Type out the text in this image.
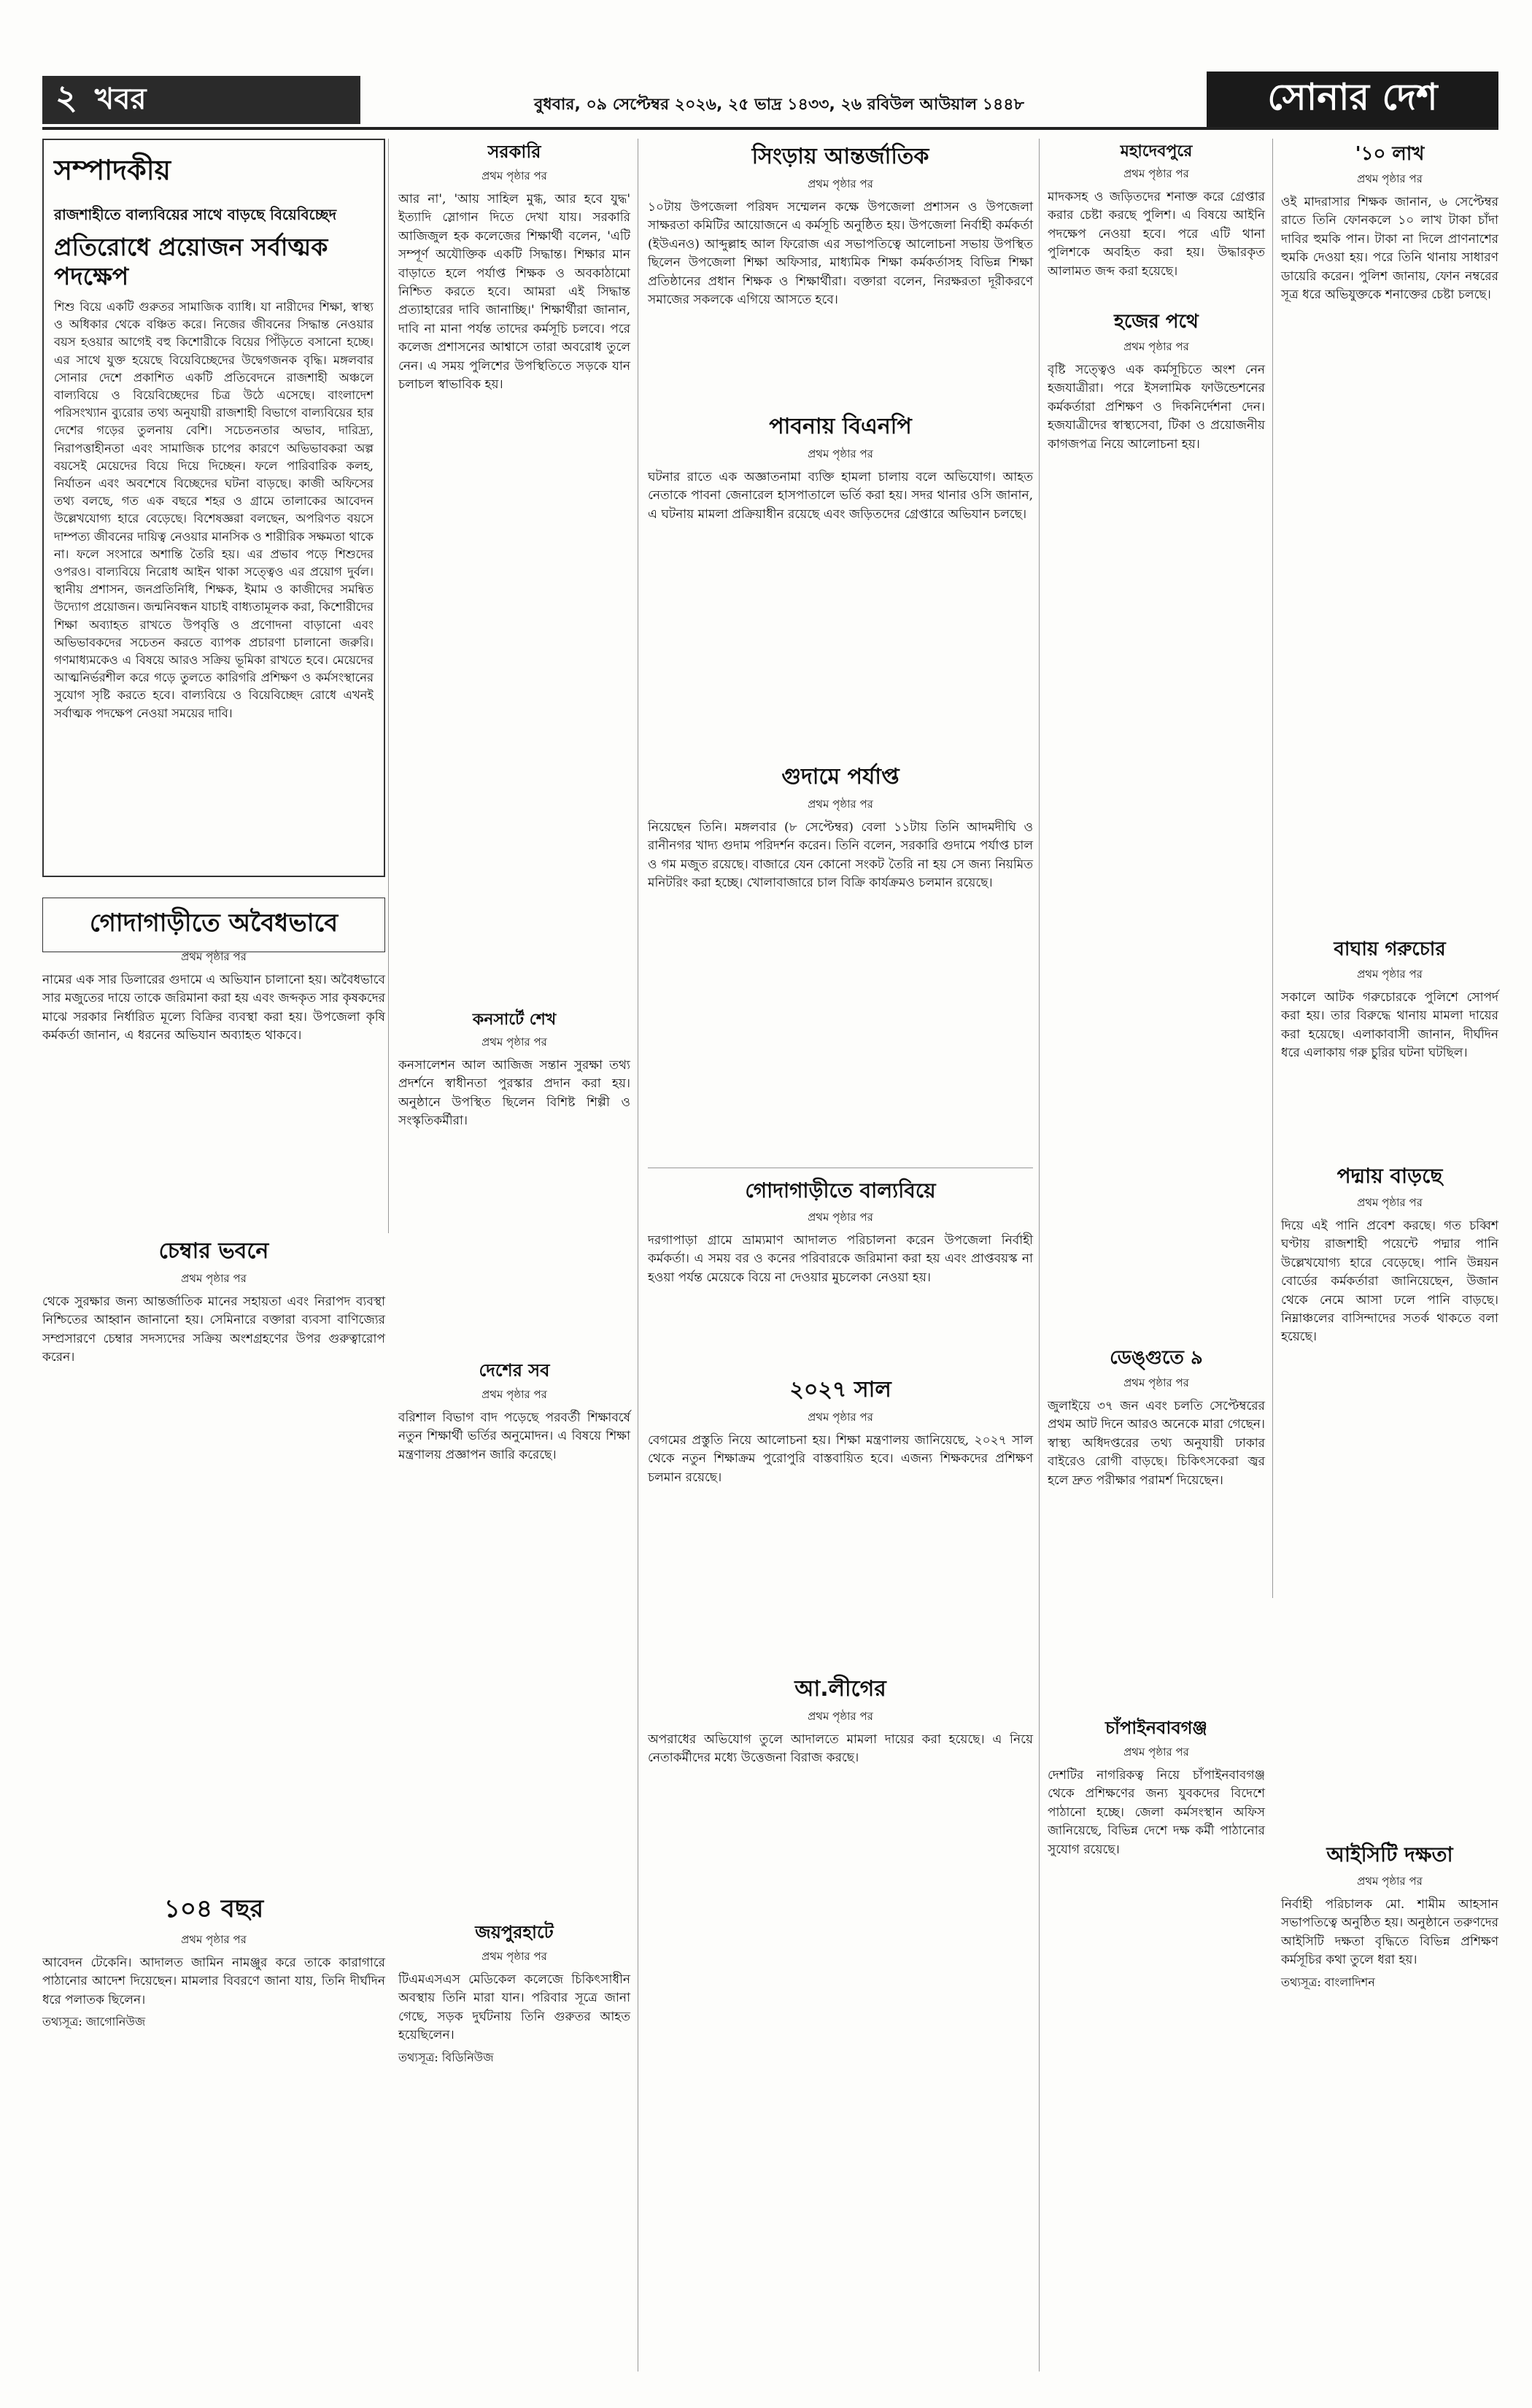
২ খবর	বুধবার, ০৯ সেপ্টেম্বর ২০২৬, ২৫ ভাদ্র ১৪৩৩, ২৬ রবিউল আউয়াল ১৪৪৮	সোনার দেশ
সম্পাদকীয়
রাজশাহীতে বাল্যবিয়ের সাথে বাড়ছে বিয়েবিচ্ছেদ
প্রতিরোধে প্রয়োজন সর্বাত্মক পদক্ষেপ
শিশু বিয়ে একটি গুরুতর সামাজিক ব্যাধি। যা নারীদের শিক্ষা, স্বাস্থ্য ও অধিকার থেকে বঞ্চিত করে। নিজের জীবনের সিদ্ধান্ত নেওয়ার বয়স হওয়ার আগেই বহু কিশোরীকে বিয়ের পিঁড়িতে বসানো হচ্ছে। এর সাথে যুক্ত হয়েছে বিয়েবিচ্ছেদের উদ্বেগজনক বৃদ্ধি। মঙ্গলবার সোনার দেশে প্রকাশিত একটি প্রতিবেদনে রাজশাহী অঞ্চলে বাল্যবিয়ে ও বিয়েবিচ্ছেদের চিত্র উঠে এসেছে। বাংলাদেশ পরিসংখ্যান ব্যুরোর তথ্য অনুযায়ী রাজশাহী বিভাগে বাল্যবিয়ের হার দেশের গড়ের তুলনায় বেশি। সচেতনতার অভাব, দারিদ্র্য, নিরাপত্তাহীনতা এবং সামাজিক চাপের কারণে অভিভাবকরা অল্প বয়সেই মেয়েদের বিয়ে দিয়ে দিচ্ছেন। ফলে পারিবারিক কলহ, নির্যাতন এবং অবশেষে বিচ্ছেদের ঘটনা বাড়ছে। কাজী অফিসের তথ্য বলছে, গত এক বছরে শহর ও গ্রামে তালাকের আবেদন উল্লেখযোগ্য হারে বেড়েছে। বিশেষজ্ঞরা বলছেন, অপরিণত বয়সে দাম্পত্য জীবনের দায়িত্ব নেওয়ার মানসিক ও শারীরিক সক্ষমতা থাকে না। ফলে সংসারে অশান্তি তৈরি হয়। এর প্রভাব পড়ে শিশুদের ওপরও। বাল্যবিয়ে নিরোধ আইন থাকা সত্ত্বেও এর প্রয়োগ দুর্বল। স্থানীয় প্রশাসন, জনপ্রতিনিধি, শিক্ষক, ইমাম ও কাজীদের সমন্বিত উদ্যোগ প্রয়োজন। জন্মনিবন্ধন যাচাই বাধ্যতামূলক করা, কিশোরীদের শিক্ষা অব্যাহত রাখতে উপবৃত্তি ও প্রণোদনা বাড়ানো এবং অভিভাবকদের সচেতন করতে ব্যাপক প্রচারণা চালানো জরুরি। গণমাধ্যমকেও এ বিষয়ে আরও সক্রিয় ভূমিকা রাখতে হবে। মেয়েদের আত্মনির্ভরশীল করে গড়ে তুলতে কারিগরি প্রশিক্ষণ ও কর্মসংস্থানের সুযোগ সৃষ্টি করতে হবে। বাল্যবিয়ে ও বিয়েবিচ্ছেদ রোধে এখনই সর্বাত্মক পদক্ষেপ নেওয়া সময়ের দাবি।
সরকারি
প্রথম পৃষ্ঠার পর
আর না', 'আয় সাহিল মুগ্ধ, আর হবে যুদ্ধ' ইত্যাদি স্লোগান দিতে দেখা যায়। সরকারি আজিজুল হক কলেজের শিক্ষার্থী বলেন, 'এটি সম্পূর্ণ অযৌক্তিক একটি সিদ্ধান্ত। শিক্ষার মান বাড়াতে হলে পর্যাপ্ত শিক্ষক ও অবকাঠামো নিশ্চিত করতে হবে। আমরা এই সিদ্ধান্ত প্রত্যাহারের দাবি জানাচ্ছি।' শিক্ষার্থীরা জানান, দাবি না মানা পর্যন্ত তাদের কর্মসূচি চলবে। পরে কলেজ প্রশাসনের আশ্বাসে তারা অবরোধ তুলে নেন। এ সময় পুলিশের উপস্থিতিতে সড়কে যান চলাচল স্বাভাবিক হয়।
সিংড়ায় আন্তর্জাতিক
প্রথম পৃষ্ঠার পর
১০টায় উপজেলা পরিষদ সম্মেলন কক্ষে উপজেলা প্রশাসন ও উপজেলা সাক্ষরতা কমিটির আয়োজনে এ কর্মসূচি অনুষ্ঠিত হয়। উপজেলা নির্বাহী কর্মকর্তা (ইউএনও) আব্দুল্লাহ আল ফিরোজ এর সভাপতিত্বে আলোচনা সভায় উপস্থিত ছিলেন উপজেলা শিক্ষা অফিসার, মাধ্যমিক শিক্ষা কর্মকর্তাসহ বিভিন্ন শিক্ষা প্রতিষ্ঠানের প্রধান শিক্ষক ও শিক্ষার্থীরা। বক্তারা বলেন, নিরক্ষরতা দূরীকরণে সমাজের সকলকে এগিয়ে আসতে হবে।
মহাদেবপুরে
প্রথম পৃষ্ঠার পর
মাদকসহ ও জড়িতদের শনাক্ত করে গ্রেপ্তার করার চেষ্টা করছে পুলিশ। এ বিষয়ে আইনি পদক্ষেপ নেওয়া হবে। পরে এটি থানা পুলিশকে অবহিত করা হয়। উদ্ধারকৃত আলামত জব্দ করা হয়েছে।
'১০ লাখ
প্রথম পৃষ্ঠার পর
ওই মাদরাসার শিক্ষক জানান, ৬ সেপ্টেম্বর রাতে তিনি ফোনকলে ১০ লাখ টাকা চাঁদা দাবির হুমকি পান। টাকা না দিলে প্রাণনাশের হুমকি দেওয়া হয়। পরে তিনি থানায় সাধারণ ডায়েরি করেন। পুলিশ জানায়, ফোন নম্বরের সূত্র ধরে অভিযুক্তকে শনাক্তের চেষ্টা চলছে।
পাবনায় বিএনপি
প্রথম পৃষ্ঠার পর
ঘটনার রাতে এক অজ্ঞাতনামা ব্যক্তি হামলা চালায় বলে অভিযোগ। আহত নেতাকে পাবনা জেনারেল হাসপাতালে ভর্তি করা হয়। সদর থানার ওসি জানান, এ ঘটনায় মামলা প্রক্রিয়াধীন রয়েছে এবং জড়িতদের গ্রেপ্তারে অভিযান চলছে।
হজের পথে
প্রথম পৃষ্ঠার পর
বৃষ্টি সত্ত্বেও এক কর্মসূচিতে অংশ নেন হজযাত্রীরা। পরে ইসলামিক ফাউন্ডেশনের কর্মকর্তারা প্রশিক্ষণ ও দিকনির্দেশনা দেন। হজযাত্রীদের স্বাস্থ্যসেবা, টিকা ও প্রয়োজনীয় কাগজপত্র নিয়ে আলোচনা হয়।
গুদামে পর্যাপ্ত
প্রথম পৃষ্ঠার পর
নিয়েছেন তিনি। মঙ্গলবার (৮ সেপ্টেম্বর) বেলা ১১টায় তিনি আদমদীঘি ও রানীনগর খাদ্য গুদাম পরিদর্শন করেন। তিনি বলেন, সরকারি গুদামে পর্যাপ্ত চাল ও গম মজুত রয়েছে। বাজারে যেন কোনো সংকট তৈরি না হয় সে জন্য নিয়মিত মনিটরিং করা হচ্ছে। খোলাবাজারে চাল বিক্রি কার্যক্রমও চলমান রয়েছে।
বাঘায় গরুচোর
প্রথম পৃষ্ঠার পর
সকালে আটক গরুচোরকে পুলিশে সোপর্দ করা হয়। তার বিরুদ্ধে থানায় মামলা দায়ের করা হয়েছে। এলাকাবাসী জানান, দীর্ঘদিন ধরে এলাকায় গরু চুরির ঘটনা ঘটছিল।
গোদাগাড়ীতে অবৈধভাবে
প্রথম পৃষ্ঠার পর
নামের এক সার ডিলারের গুদামে এ অভিযান চালানো হয়। অবৈধভাবে সার মজুতের দায়ে তাকে জরিমানা করা হয় এবং জব্দকৃত সার কৃষকদের মাঝে সরকার নির্ধারিত মূল্যে বিক্রির ব্যবস্থা করা হয়। উপজেলা কৃষি কর্মকর্তা জানান, এ ধরনের অভিযান অব্যাহত থাকবে।
কনসার্টে শেখ
প্রথম পৃষ্ঠার পর
কনসালেশন আল আজিজ সন্তান সুরক্ষা তথ্য প্রদর্শনে স্বাধীনতা পুরস্কার প্রদান করা হয়। অনুষ্ঠানে উপস্থিত ছিলেন বিশিষ্ট শিল্পী ও সংস্কৃতিকর্মীরা।
গোদাগাড়ীতে বাল্যবিয়ে
প্রথম পৃষ্ঠার পর
দরগাপাড়া গ্রামে ভ্রাম্যমাণ আদালত পরিচালনা করেন উপজেলা নির্বাহী কর্মকর্তা। এ সময় বর ও কনের পরিবারকে জরিমানা করা হয় এবং প্রাপ্তবয়স্ক না হওয়া পর্যন্ত মেয়েকে বিয়ে না দেওয়ার মুচলেকা নেওয়া হয়।
পদ্মায় বাড়ছে
প্রথম পৃষ্ঠার পর
দিয়ে এই পানি প্রবেশ করছে। গত চব্বিশ ঘণ্টায় রাজশাহী পয়েন্টে পদ্মার পানি উল্লেখযোগ্য হারে বেড়েছে। পানি উন্নয়ন বোর্ডের কর্মকর্তারা জানিয়েছেন, উজান থেকে নেমে আসা ঢলে পানি বাড়ছে। নিম্নাঞ্চলের বাসিন্দাদের সতর্ক থাকতে বলা হয়েছে।
চেম্বার ভবনে
প্রথম পৃষ্ঠার পর
থেকে সুরক্ষার জন্য আন্তর্জাতিক মানের সহায়তা এবং নিরাপদ ব্যবস্থা নিশ্চিতের আহ্বান জানানো হয়। সেমিনারে বক্তারা ব্যবসা বাণিজ্যের সম্প্রসারণে চেম্বার সদস্যদের সক্রিয় অংশগ্রহণের উপর গুরুত্বারোপ করেন।
দেশের সব
প্রথম পৃষ্ঠার পর
বরিশাল বিভাগ বাদ পড়েছে পরবর্তী শিক্ষাবর্ষে নতুন শিক্ষার্থী ভর্তির অনুমোদন। এ বিষয়ে শিক্ষা মন্ত্রণালয় প্রজ্ঞাপন জারি করেছে।
২০২৭ সাল
প্রথম পৃষ্ঠার পর
বেগমের প্রস্তুতি নিয়ে আলোচনা হয়। শিক্ষা মন্ত্রণালয় জানিয়েছে, ২০২৭ সাল থেকে নতুন শিক্ষাক্রম পুরোপুরি বাস্তবায়িত হবে। এজন্য শিক্ষকদের প্রশিক্ষণ চলমান রয়েছে।
ডেঙ্গুতে ৯
প্রথম পৃষ্ঠার পর
জুলাইয়ে ৩৭ জন এবং চলতি সেপ্টেম্বরের প্রথম আট দিনে আরও অনেকে মারা গেছেন। স্বাস্থ্য অধিদপ্তরের তথ্য অনুযায়ী ঢাকার বাইরেও রোগী বাড়ছে। চিকিৎসকেরা জ্বর হলে দ্রুত পরীক্ষার পরামর্শ দিয়েছেন।
চাঁপাইনবাবগঞ্জ
প্রথম পৃষ্ঠার পর
দেশটির নাগরিকত্ব নিয়ে চাঁপাইনবাবগঞ্জ থেকে প্রশিক্ষণের জন্য যুবকদের বিদেশে পাঠানো হচ্ছে। জেলা কর্মসংস্থান অফিস জানিয়েছে, বিভিন্ন দেশে দক্ষ কর্মী পাঠানোর সুযোগ রয়েছে।
আ.লীগের
প্রথম পৃষ্ঠার পর
অপরাধের অভিযোগ তুলে আদালতে মামলা দায়ের করা হয়েছে। এ নিয়ে নেতাকর্মীদের মধ্যে উত্তেজনা বিরাজ করছে।
১০৪ বছর
প্রথম পৃষ্ঠার পর
আবেদন টেকেনি। আদালত জামিন নামঞ্জুর করে তাকে কারাগারে পাঠানোর আদেশ দিয়েছেন। মামলার বিবরণে জানা যায়, তিনি দীর্ঘদিন ধরে পলাতক ছিলেন।
তথ্যসূত্র: জাগোনিউজ
জয়পুরহাটে
প্রথম পৃষ্ঠার পর
টিএমএসএস মেডিকেল কলেজে চিকিৎসাধীন অবস্থায় তিনি মারা যান। পরিবার সূত্রে জানা গেছে, সড়ক দুর্ঘটনায় তিনি গুরুতর আহত হয়েছিলেন।
তথ্যসূত্র: বিডিনিউজ
আইসিটি দক্ষতা
প্রথম পৃষ্ঠার পর
নির্বাহী পরিচালক মো. শামীম আহসান সভাপতিত্বে অনুষ্ঠিত হয়। অনুষ্ঠানে তরুণদের আইসিটি দক্ষতা বৃদ্ধিতে বিভিন্ন প্রশিক্ষণ কর্মসূচির কথা তুলে ধরা হয়।
তথ্যসূত্র: বাংলাদিশন
